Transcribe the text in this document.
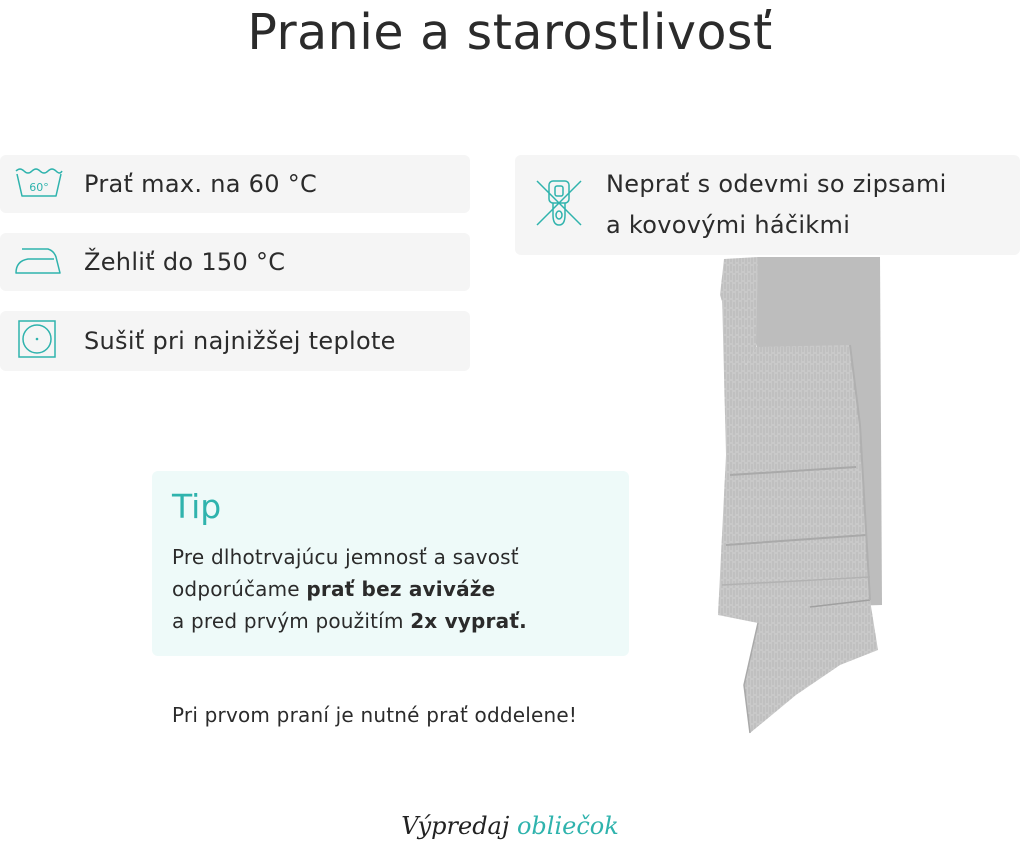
Pranie a starostlivosť
60° Prať max. na 60 °C
Žehliť do 150 °C
Sušiť pri najnižšej teplote
Neprať s odevmi so zipsami
a kovovými háčikmi
Tip
Pre dlhotrvajúcu jemnosť a savosť
odporúčame prať bez aviváže
a pred prvým použitím 2x vyprať.
Pri prvom praní je nutné prať oddelene!
Výpredaj obliečok
